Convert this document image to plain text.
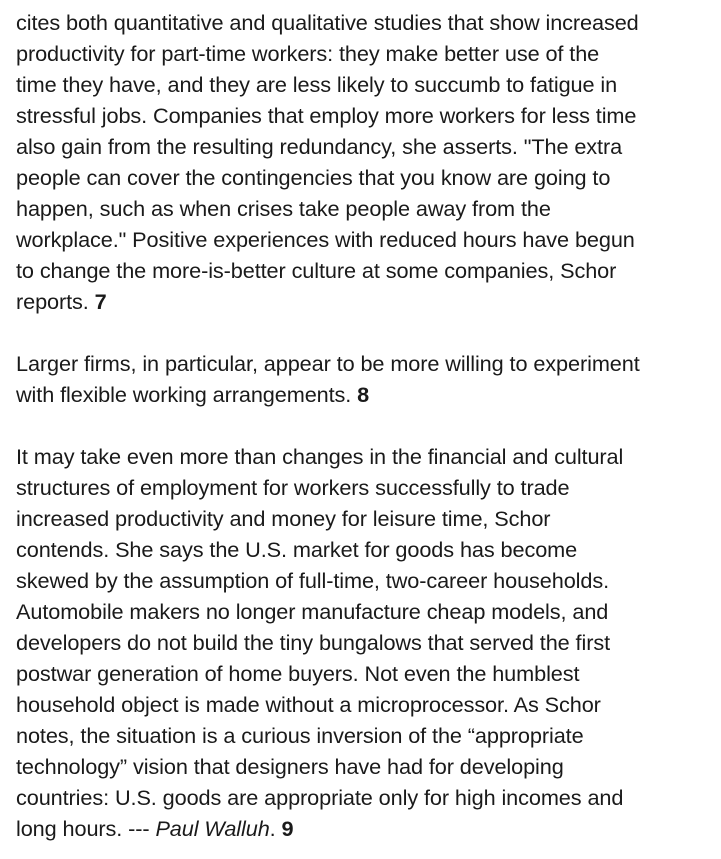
cites both quantitative and qualitative studies that show increased
productivity for part-time workers: they make better use of the
time they have, and they are less likely to succumb to fatigue in
stressful jobs. Companies that employ more workers for less time
also gain from the resulting redundancy, she asserts. "The extra
people can cover the contingencies that you know are going to
happen, such as when crises take people away from the
workplace." Positive experiences with reduced hours have begun
to change the more-is-better culture at some companies, Schor
reports. 7

Larger firms, in particular, appear to be more willing to experiment
with flexible working arrangements. 8

It may take even more than changes in the financial and cultural
structures of employment for workers successfully to trade
increased productivity and money for leisure time, Schor
contends. She says the U.S. market for goods has become
skewed by the assumption of full-time, two-career households.
Automobile makers no longer manufacture cheap models, and
developers do not build the tiny bungalows that served the first
postwar generation of home buyers. Not even the humblest
household object is made without a microprocessor. As Schor
notes, the situation is a curious inversion of the “appropriate
technology” vision that designers have had for developing
countries: U.S. goods are appropriate only for high incomes and
long hours. --- Paul Walluh. 9
